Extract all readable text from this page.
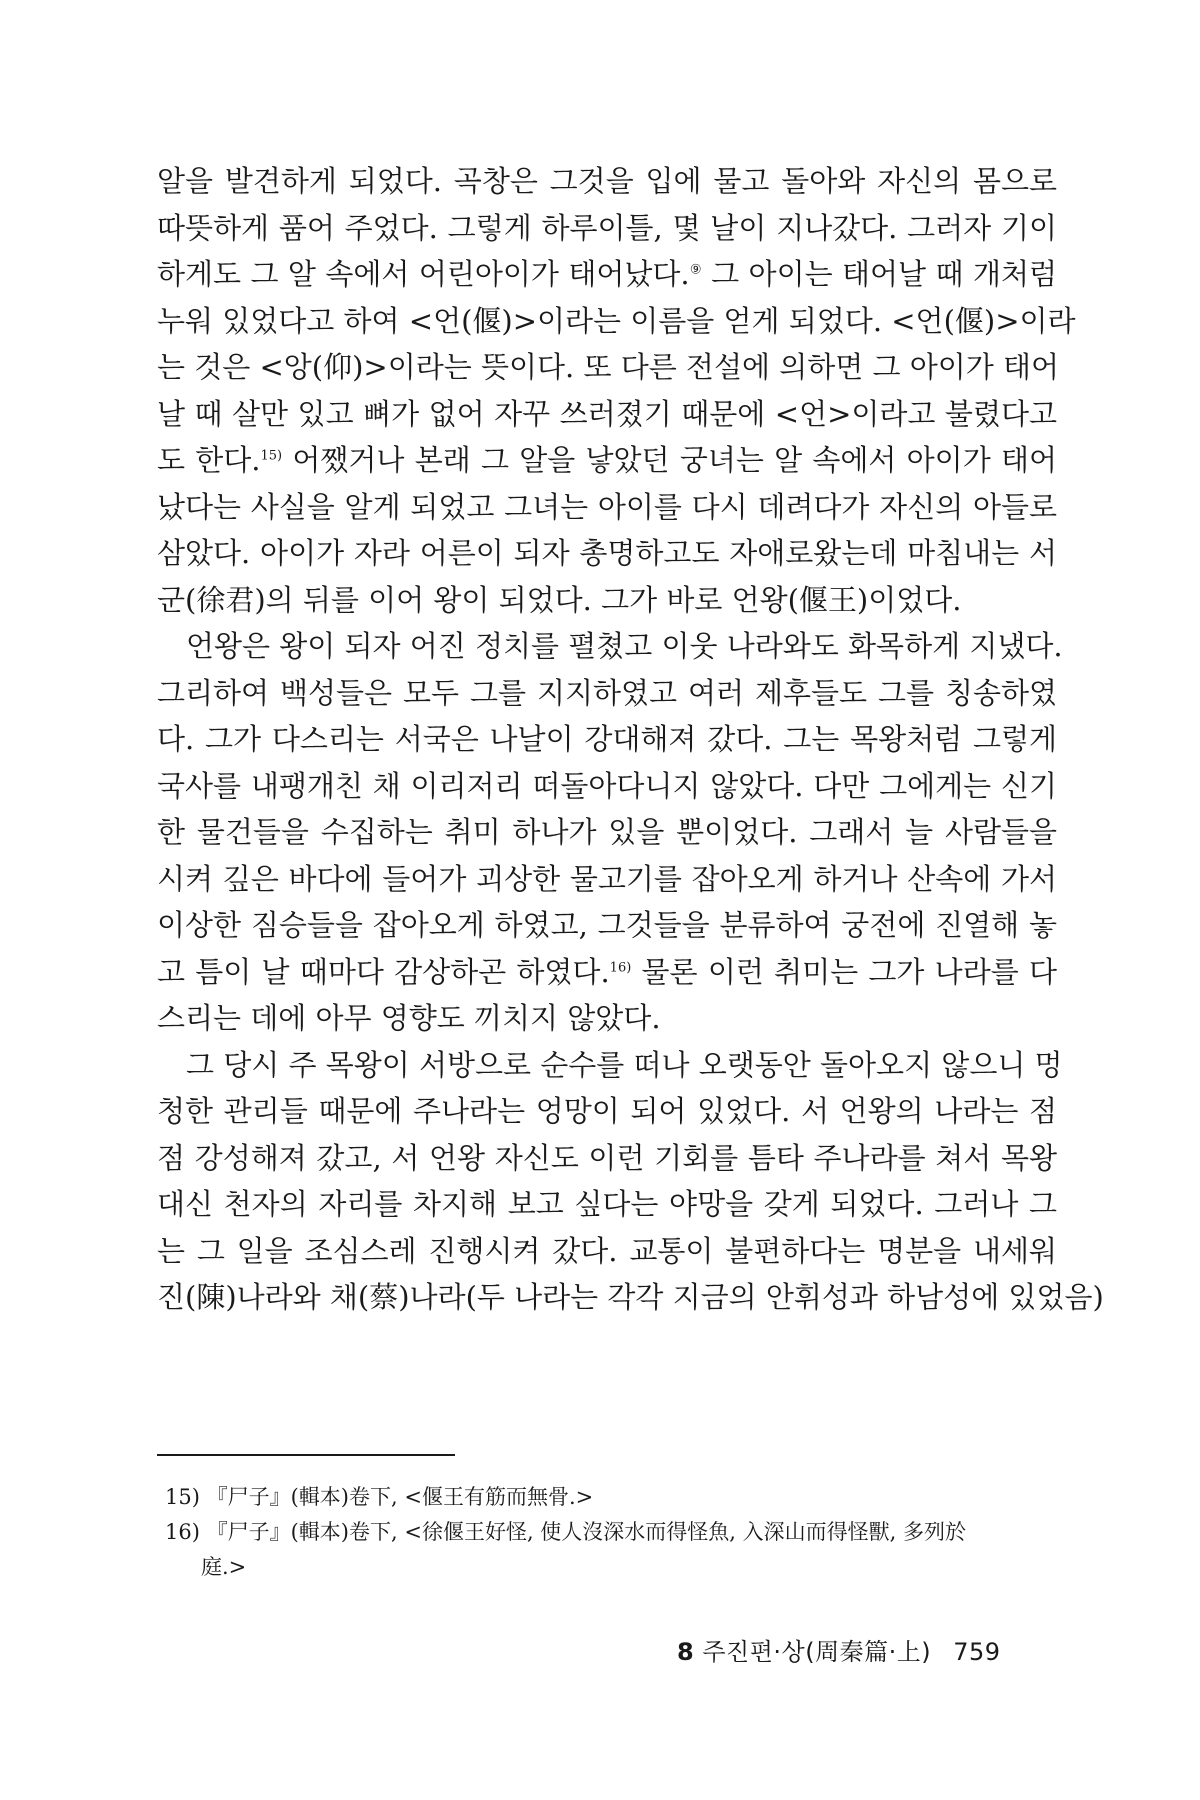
알을 발견하게 되었다. 곡창은 그것을 입에 물고 돌아와 자신의 몸으로
따뜻하게 품어 주었다. 그렇게 하루이틀, 몇 날이 지나갔다. 그러자 기이
하게도 그 알 속에서 어린아이가 태어났다.⑨ 그 아이는 태어날 때 개처럼
누워 있었다고 하여 <언(偃)>이라는 이름을 얻게 되었다. <언(偃)>이라
는 것은 <앙(仰)>이라는 뜻이다. 또 다른 전설에 의하면 그 아이가 태어
날 때 살만 있고 뼈가 없어 자꾸 쓰러졌기 때문에 <언>이라고 불렸다고
도 한다.$^{15)}$ 어쨌거나 본래 그 알을 낳았던 궁녀는 알 속에서 아이가 태어
났다는 사실을 알게 되었고 그녀는 아이를 다시 데려다가 자신의 아들로
삼았다. 아이가 자라 어른이 되자 총명하고도 자애로왔는데 마침내는 서
군(徐君)의 뒤를 이어 왕이 되었다. 그가 바로 언왕(偃王)이었다.
언왕은 왕이 되자 어진 정치를 펼쳤고 이웃 나라와도 화목하게 지냈다.
그리하여 백성들은 모두 그를 지지하였고 여러 제후들도 그를 칭송하였
다. 그가 다스리는 서국은 나날이 강대해져 갔다. 그는 목왕처럼 그렇게
국사를 내팽개친 채 이리저리 떠돌아다니지 않았다. 다만 그에게는 신기
한 물건들을 수집하는 취미 하나가 있을 뿐이었다. 그래서 늘 사람들을
시켜 깊은 바다에 들어가 괴상한 물고기를 잡아오게 하거나 산속에 가서
이상한 짐승들을 잡아오게 하였고, 그것들을 분류하여 궁전에 진열해 놓
고 틈이 날 때마다 감상하곤 하였다.$^{16)}$ 물론 이런 취미는 그가 나라를 다
스리는 데에 아무 영향도 끼치지 않았다.
그 당시 주 목왕이 서방으로 순수를 떠나 오랫동안 돌아오지 않으니 멍
청한 관리들 때문에 주나라는 엉망이 되어 있었다. 서 언왕의 나라는 점
점 강성해져 갔고, 서 언왕 자신도 이런 기회를 틈타 주나라를 쳐서 목왕
대신 천자의 자리를 차지해 보고 싶다는 야망을 갖게 되었다. 그러나 그
는 그 일을 조심스레 진행시켜 갔다. 교통이 불편하다는 명분을 내세워
진(陳)나라와 채(蔡)나라(두 나라는 각각 지금의 안휘성과 하남성에 있었음)
15) 『尸子』(輯本)卷下, <偃王有筋而無骨.>
16) 『尸子』(輯本)卷下, <徐偃王好怪, 使人沒深水而得怪魚, 入深山而得怪獸, 多列於
庭.>
8 주진편·상(周秦篇·上) 759
